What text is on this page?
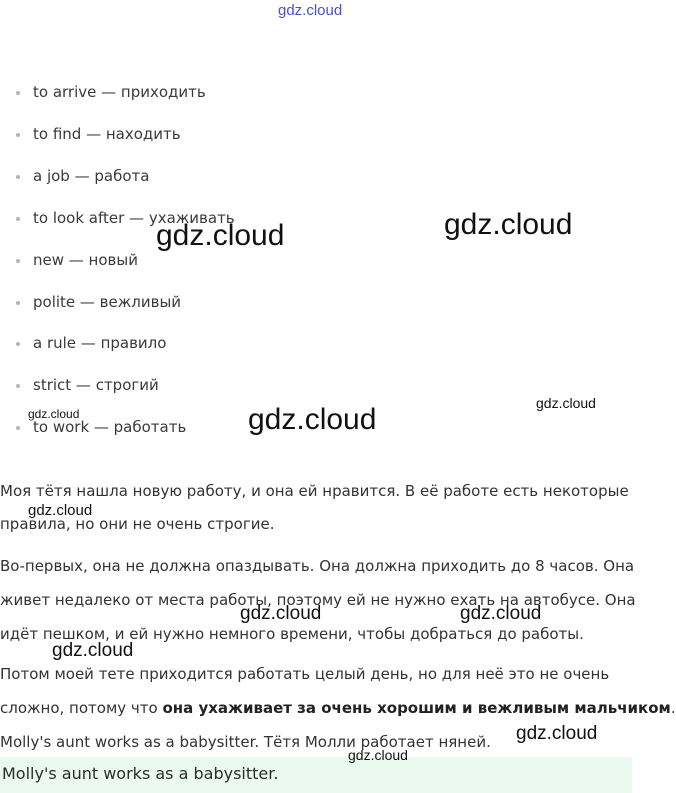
gdz.cloud
to arrive — приходить
to find — находить
a job — работа
to look after — ухаживать
new — новый
polite — вежливый
a rule — правило
strict — строгий
to work — работать
Моя тётя нашла новую работу, и она ей нравится. В её работе есть некоторые
правила, но они не очень строгие.
Во-первых, она не должна опаздывать. Она должна приходить до 8 часов. Она
живет недалеко от места работы, поэтому ей не нужно ехать на автобусе. Она
идёт пешком, и ей нужно немного времени, чтобы добраться до работы.
Потом моей тете приходится работать целый день, но для неё это не очень
сложно, потому что она ухаживает за очень хорошим и вежливым мальчиком.
Molly's aunt works as a babysitter. Тётя Молли работает няней.
Molly's aunt works as a babysitter.
gdz.cloud	gdz.cloud
gdz.cloud	gdz.cloud	gdz.cloud
gdz.cloud
gdz.cloud	gdz.cloud
gdz.cloud
gdz.cloud
gdz.cloud
